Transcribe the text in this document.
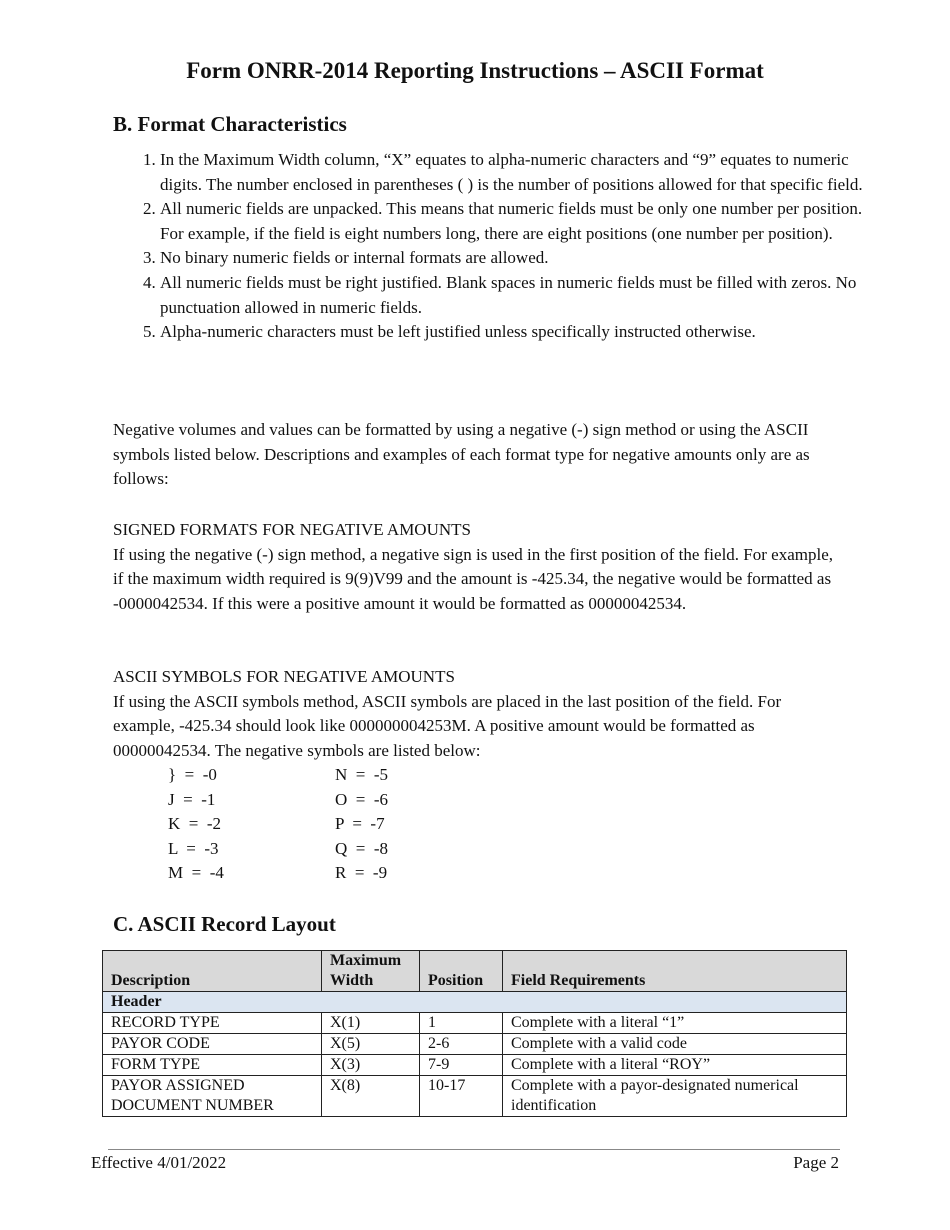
Form ONRR-2014 Reporting Instructions – ASCII Format
B. Format Characteristics
1. In the Maximum Width column, “X” equates to alpha-numeric characters and “9” equates to numeric digits. The number enclosed in parentheses ( ) is the number of positions allowed for that specific field.
2. All numeric fields are unpacked. This means that numeric fields must be only one number per position. For example, if the field is eight numbers long, there are eight positions (one number per position).
3. No binary numeric fields or internal formats are allowed.
4. All numeric fields must be right justified. Blank spaces in numeric fields must be filled with zeros. No punctuation allowed in numeric fields.
5. Alpha-numeric characters must be left justified unless specifically instructed otherwise.

Negative volumes and values can be formatted by using a negative (-) sign method or using the ASCII symbols listed below. Descriptions and examples of each format type for negative amounts only are as follows:

SIGNED FORMATS FOR NEGATIVE AMOUNTS
If using the negative (-) sign method, a negative sign is used in the first position of the field. For example, if the maximum width required is 9(9)V99 and the amount is -425.34, the negative would be formatted as -0000042534. If this were a positive amount it would be formatted as 00000042534.
ASCII SYMBOLS FOR NEGATIVE AMOUNTS
If using the ASCII symbols method, ASCII symbols are placed in the last position of the field. For example, -425.34 should look like 000000004253M. A positive amount would be formatted as 00000042534. The negative symbols are listed below:
}  =  -0
J  =  -1
K  =  -2
L  =  -3
M  =  -4
N  =  -5
O  =  -6
P  =  -7
Q  =  -8
R  =  -9
C. ASCII Record Layout
Description	Maximum Width	Position	Field Requirements
Header			
RECORD TYPE	X(1)	1	Complete with a literal “1”
PAYOR CODE	X(5)	2-6	Complete with a valid code
FORM TYPE	X(3)	7-9	Complete with a literal “ROY”
PAYOR ASSIGNED DOCUMENT NUMBER	X(8)	10-17	Complete with a payor-designated numerical identification
Effective 4/01/2022	Page 2
